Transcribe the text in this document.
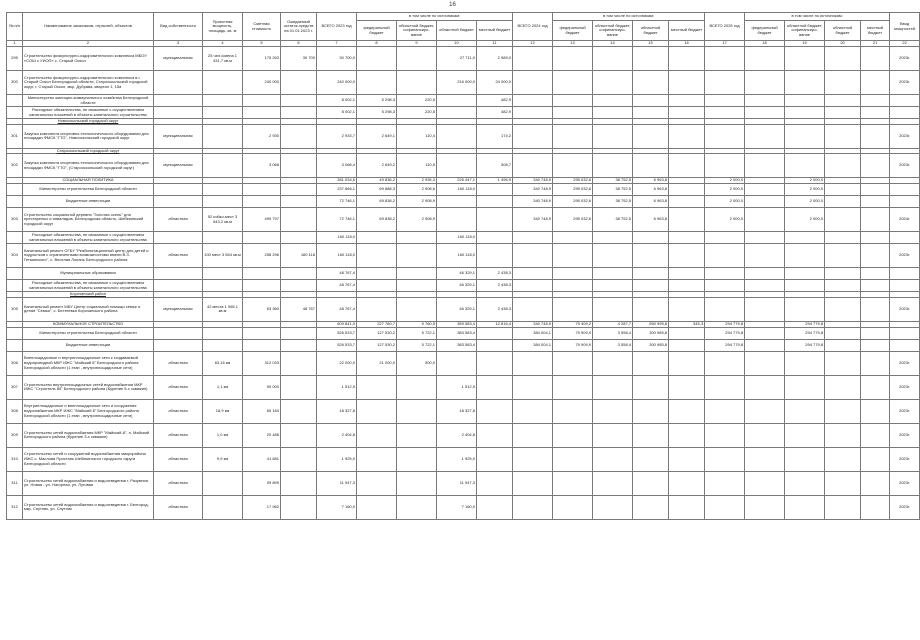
16
№ п/п	Наименование заказчиков, отраслей, объектов	Вид собственности	Проектная мощность, площадь, кв. м	Сметная стоимость	Ожидаемый остаток средств на 01.01.2023 г.	ВСЕГО 2023 год	в том числе по источникам:				ВСЕГО 2024 год	в том числе по источникам:				ВСЕГО 2025 год	в том числе по источникам:				Ввод мощностей
							федеральный бюджет	областной бюджет, софинансиро-вание	областной бюджет	местный бюджет		федеральный бюджет	областной бюджет, софинансиро-вание	областной бюджет	местный бюджет		федеральный бюджет	областной бюджет, софинансиро-вание	областной бюджет	местный бюджет	
1	2	3	4	5	6	7	8	9	10	11	12	13	14	15	16	17	18	19	20	21	22
295	Строительство физкультурно-оздоровительного комплекса МБОУ «СОШ с УИОП» с. Старый Оскол	муниципальная	25 чел./смена 1 431,7 кв.м	175 263	30 700	30 700,0			27 711,0	2 989,0											2023г.
300	Строительство физкультурно-оздоровительного комплекса в г. Старый Оскол Белгородской области, Старооскольский городской округ, г. Старый Оскол, мкр. Дубрава, квартал 1, 15а			240 000		240 000,0			216 000,0	24 000,0											2023г.
	Министерство жилищно-коммунального хозяйства Белгородской области					8 002,1	5 298,3	220,5		482,9											
	Расходные обязательства, не связанные с осуществлением капитальных вложений в объекты капитального строительства					8 002,1	5 298,3	220,5		482,9											
	Новооскольский городской округ																				
301	Закупка комплекта спортивно-технологического оборудования для площадки ФМСК "ГТО", Новооскольский городской округ	муниципальная		2 930		2 933,7	2 649,1	110,4		174,2											2023г.
	Старооскольский городской округ																				
302	Закупка комплекта спортивно-технологического оборудования для площадки ФМСК "ГТО", (Старооскольский городской округ)	муниципальная		3 068		3 068,4	2 649,2	110,5		308,7											2023г.
	СОЦИАЛЬНАЯ ПОЛИТИКА					281 034,6	49 836,2	2 935,3	226 447,1	1 496,9	340 748,9	295 032,6	38 752,5	6 963,8		2 000,0		2 000,0			
	Министерство строительства Белгородской области					237 866,1	69 888,3	2 908,6	160 118,0		340 748,9	295 032,6	38 752,5	6 963,8		2 000,0		2 000,0			
	Бюджетные инвестиции					72 746,1	69 838,2	2 908,9			340 748,9	295 032,6	38 752,5	6 963,8		2 000,0		2 000,0			
303	Строительство социальной деревни "Золотая осень" для престарелых и инвалидов, Белгородская область, Шебекинский городской округ	областная	52 койко-мест 3 543,2 кв.м	499 797		72 746,1	69 838,2	2 908,9			340 748,9	295 032,6	38 752,5	6 963,8		2 000,0		2 000,0			2024г.
	Расходные обязательства, не связанные с осуществлением капитальных вложений в объекты капитального строительства					160 118,0			160 118,0												
304	Капитальный ремонт ОГБУ "Реабилитационный центр для детей и подростков с ограниченными возможностями имени В.З. Гетманского", с. Веселая Лопань Белгородского района	областная	100 мест 3 564 кв.м	258 296	160 118	160 118,0			160 118,0												2023г.
	Муниципальные образования					48 767,4			46 329,1	2 438,3											
	Расходные обязательства, не связанные с осуществлением капитальных вложений в объекты капитального строительства					48 767,4			46 329,1	2 438,3											
	Корочанский район																				
305	Капитальный ремонт МБУ Центр социальной помощи семье и детям "Семья", с. Бехтеевка Корочанского района	муниципальная	42 места 1 965,1 кв.м	63 360	48 767	48 767,4			46 329,1	2 438,3											2023г.
	КОММУНАЛЬНОЕ СТРОИТЕЛЬСТВО					609 841,0	227 780,7	9 760,5	359 583,4	12 616,4	340 748,9	79 409,2	4 287,7	550 995,8	345,3	294 779,8		294 779,8			
	Министерство строительства Белгородской области					526 533,7	127 530,2	5 722,1	383 583,4		384 004,1	79 909,9	3 558,4	300 985,8		294 779,8		294 779,8			
	Бюджетные инвестиции					526 533,7	127 530,2	5 722,1	383 583,4		384 004,1	79 909,9	3 558,4	300 985,8		294 779,8		294 779,8			
306	Внеплощадочные и внутриплощадочные сети к создаваемой водопроводной МКР ИЖС "Майский 8" Белгородского района Белгородской области (1 этап - внутриплощадочные сети)	областная	63,16 км	312 033		22 000,0	21 000,0	900,0													2023г.
307	Строительство внутриплощадочных сетей водоснабжения МКР ИЖС "Строитель 85" Белгородского района (Бурение 5-х скважин)	областная	1,1 км	90 000		1 512,5			1 512,5												2023г.
308	Внутриплощадочные и внеплощадочные сети и сооружения водоснабжения МКР ИЖС "Майский 8" Белгородского района Белгородской области (1 этап - внутриплощадочные сети)	областная	18,9 км	65 184		18 327,8			18 327,8												2023г.
309	Строительство сетей водоснабжения МКР "Майский-8", п. Майский Белгородского района (бурение 3-х скважин)	областная	1,0 км	20 488		2 404,8			2 404,8												2023г.
310	Строительство сетей и сооружений водоснабжения микрорайона ИЖС с. Маслова Пристань Шебекинского городского округа Белгородской области	областная	9,9 км	41 681		1 925,0			1 925,0												2023г.
311	Строительство сетей водоснабжения и водоотведения г. Разумное, ул. Новая - ул. Нагорная, ул. Луговая	областная		39 899		11 947,3			11 947,3												2023г.
312	Строительство сетей водоснабжения и водоотведения г. Белгород, мкр. Спутник, ул. Спутник	областная		17 982		7 160,0			7 160,0												2023г.
